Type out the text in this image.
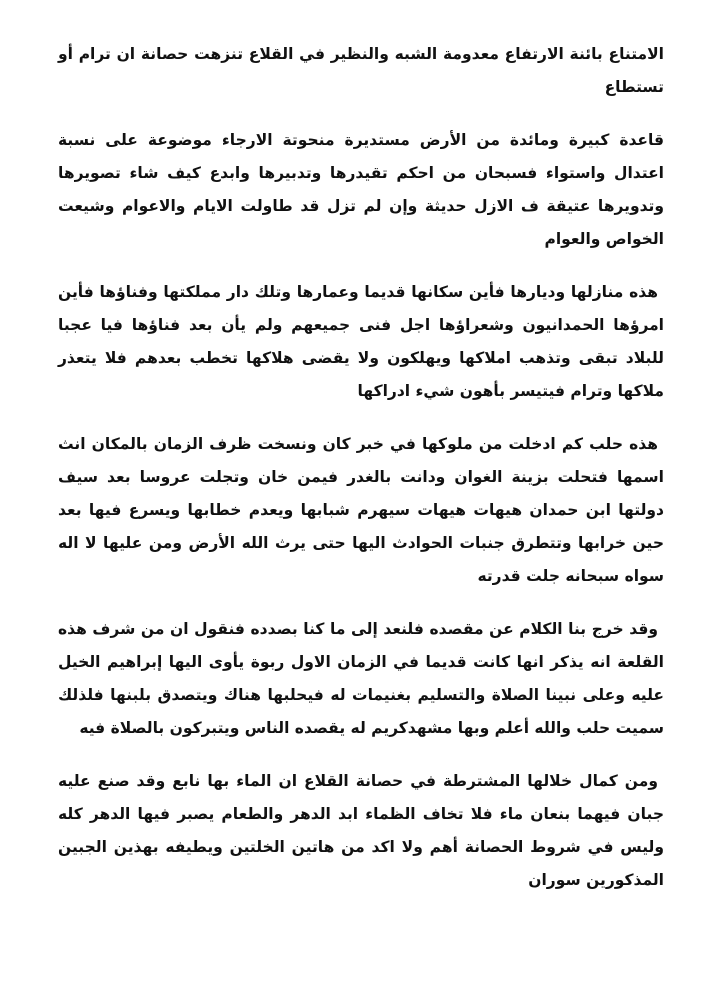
الامتناع بائنة الارتفاع معدومة الشبه والنظير في القلاع تنزهت حصانة ان ترام أو تستطاع

قاعدة كبيرة ومائدة من الأرض مستديرة منحوتة الارجاء موضوعة على نسبة اعتدال واستواء فسبحان من احكم تقيدرها وتدبيرها وابدع كيف شاء تصويرها وتدويرها عتيقة ف الازل حديثة وإن لم تزل قد طاولت الايام والاعوام وشيعت الخواص والعوام

هذه منازلها وديارها فأين سكانها قديما وعمارها وتلك دار مملكتها وفناؤها فأين امرؤها الحمدانيون وشعراؤها اجل فنى جميعهم ولم يأن بعد فناؤها فيا عجبا للبلاد تبقى وتذهب املاكها ويهلكون ولا يقضى هلاكها تخطب بعدهم فلا يتعذر ملاكها وترام فيتيسر بأهون شيء ادراكها

هذه حلب كم ادخلت من ملوكها في خبر كان ونسخت ظرف الزمان بالمكان انث اسمها فتحلت بزينة الغوان ودانت بالغدر فيمن خان وتجلت عروسا بعد سيف دولتها ابن حمدان هيهات هيهات سيهرم شبابها ويعدم خطابها ويسرع فيها بعد حين خرابها وتتطرق جنبات الحوادث اليها حتى يرث الله الأرض ومن عليها لا اله سواه سبحانه جلت قدرته

وقد خرج بنا الكلام عن مقصده فلنعد إلى ما كنا بصدده فنقول ان من شرف هذه القلعة انه يذكر انها كانت قديما في الزمان الاول ربوة يأوى اليها إبراهيم الخيل عليه وعلى نبينا الصلاة والتسليم بغنيمات له فيحلبها هناك ويتصدق بلبنها فلذلك سميت حلب والله أعلم وبها مشهدكريم له يقصده الناس ويتبركون بالصلاة فيه

ومن كمال خلالها المشترطة في حصانة القلاع ان الماء بها نابع وقد صنع عليه جبان فيهما بنعان ماء فلا تخاف الظماء ابد الدهر والطعام يصبر فيها الدهر كله وليس في شروط الحصانة أهم ولا اكد من هاتين الخلتين ويطيفه بهذين الجبين المذكورين سوران
